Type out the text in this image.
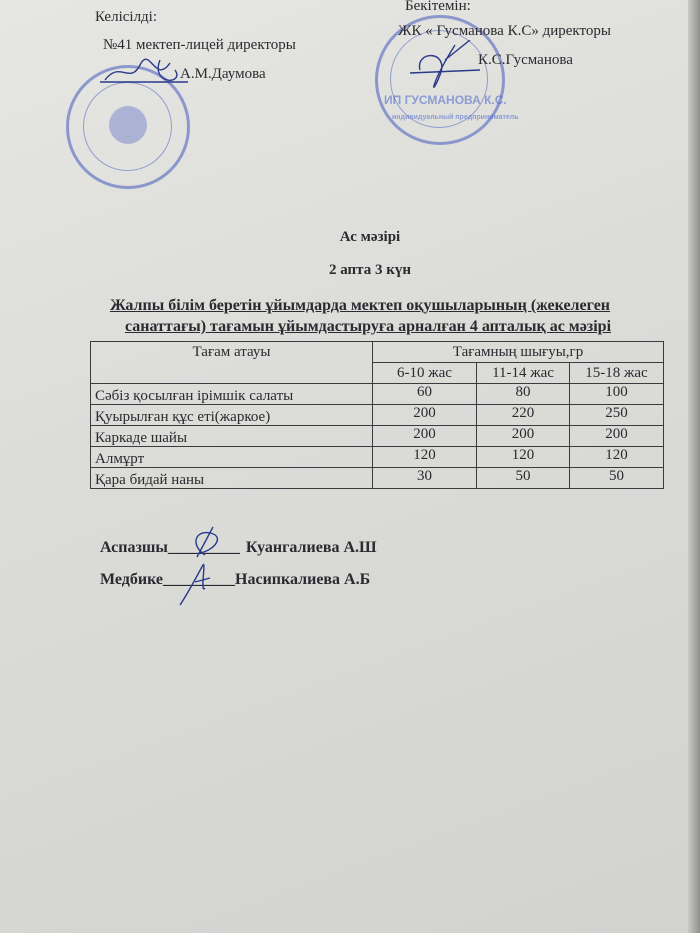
ИП ГУСМАНОВА К.С.
индивидуальный предприниматель
Келісілді:
№41 мектеп-лицей директоры
А.М.Даумова
Бекітемін:
ЖК « Гусманова К.С» директоры
К.С.Гусманова
Ас мәзірі
2 апта 3 күн
Жалпы білім беретін ұйымдарда мектеп оқушыларының (жекелеген
санаттағы) тағамын ұйымдастыруға арналған 4 апталық ас мәзірі
Тағам атауы	Тағамның шығуы,гр		
	6-10 жас	11-14 жас	15-18 жас
Сәбіз қосылған ірімшік салаты	60	80	100
Қуырылған құс еті(жаркое)	200	220	250
Каркаде шайы	200	200	200
Алмұрт	120	120	120
Қара бидай наны	30	50	50
Аспазшы_________ Куангалиева А.Ш
Медбике_________Насипкалиева А.Б
